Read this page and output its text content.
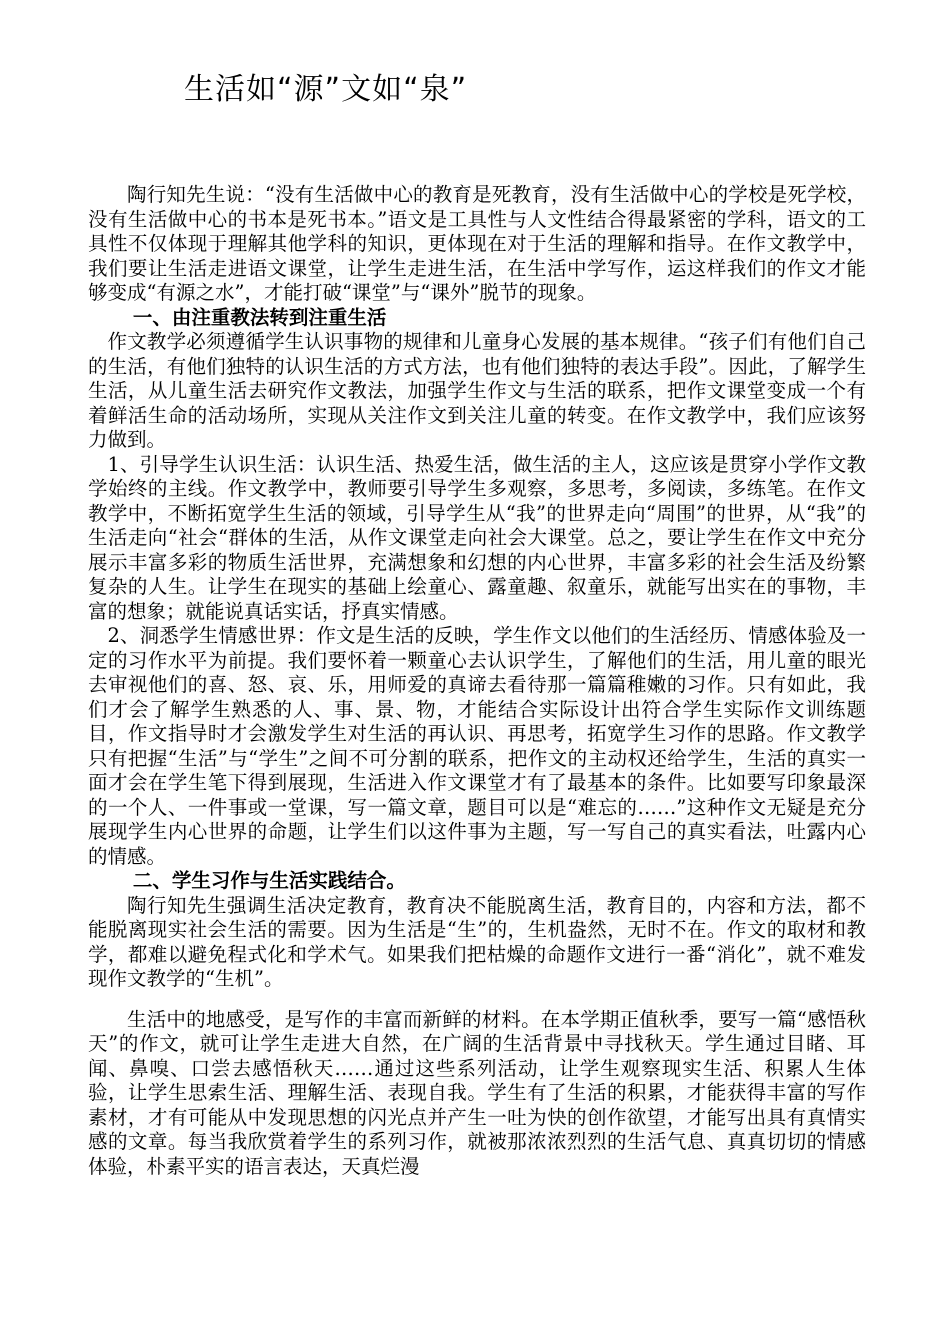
生活如“源”文如“泉”

陶行知先生说：“没有生活做中心的教育是死教育，没有生活做中心的学校是死学校，没有生活做中心的书本是死书本。”语文是工具性与人文性结合得最紧密的学科，语文的工具性不仅体现于理解其他学科的知识，更体现在对于生活的理解和指导。在作文教学中，我们要让生活走进语文课堂，让学生走进生活，在生活中学写作，运这样我们的作文才能够变成“有源之水”，才能打破“课堂”与“课外”脱节的现象。

一、由注重教法转到注重生活

作文教学必须遵循学生认识事物的规律和儿童身心发展的基本规律。“孩子们有他们自己的生活，有他们独特的认识生活的方式方法，也有他们独特的表达手段”。因此，了解学生生活，从儿童生活去研究作文教法，加强学生作文与生活的联系，把作文课堂变成一个有着鲜活生命的活动场所，实现从关注作文到关注儿童的转变。在作文教学中，我们应该努力做到。

1、引导学生认识生活：认识生活、热爱生活，做生活的主人，这应该是贯穿小学作文教学始终的主线。作文教学中，教师要引导学生多观察，多思考，多阅读，多练笔。在作文教学中，不断拓宽学生生活的领域，引导学生从“我”的世界走向“周围”的世界，从“我”的生活走向“社会“群体的生活，从作文课堂走向社会大课堂。总之，要让学生在作文中充分展示丰富多彩的物质生活世界，充满想象和幻想的内心世界，丰富多彩的社会生活及纷繁复杂的人生。让学生在现实的基础上绘童心、露童趣、叙童乐，就能写出实在的事物，丰富的想象；就能说真话实话，抒真实情感。

2、洞悉学生情感世界：作文是生活的反映，学生作文以他们的生活经历、情感体验及一定的习作水平为前提。我们要怀着一颗童心去认识学生，了解他们的生活，用儿童的眼光去审视他们的喜、怒、哀、乐，用师爱的真谛去看待那一篇篇稚嫩的习作。只有如此，我们才会了解学生熟悉的人、事、景、物，才能结合实际设计出符合学生实际作文训练题目，作文指导时才会激发学生对生活的再认识、再思考，拓宽学生习作的思路。作文教学只有把握“生活”与“学生”之间不可分割的联系，把作文的主动权还给学生，生活的真实一面才会在学生笔下得到展现，生活进入作文课堂才有了最基本的条件。比如要写印象最深的一个人、一件事或一堂课，写一篇文章，题目可以是“难忘的……”这种作文无疑是充分展现学生内心世界的命题，让学生们以这件事为主题，写一写自己的真实看法，吐露内心的情感。

二、学生习作与生活实践结合。

陶行知先生强调生活决定教育，教育决不能脱离生活，教育目的，内容和方法，都不能脱离现实社会生活的需要。因为生活是“生”的，生机盎然，无时不在。作文的取材和教学，都难以避免程式化和学术气。如果我们把枯燥的命题作文进行一番“消化”，就不难发现作文教学的“生机”。

生活中的地感受，是写作的丰富而新鲜的材料。在本学期正值秋季，要写一篇“感悟秋天”的作文，就可让学生走进大自然，在广阔的生活背景中寻找秋天。学生通过目睹、耳闻、鼻嗅、口尝去感悟秋天……通过这些系列活动，让学生观察现实生活、积累人生体验，让学生思索生活、理解生活、表现自我。学生有了生活的积累，才能获得丰富的写作素材，才有可能从中发现思想的闪光点并产生一吐为快的创作欲望，才能写出具有真情实感的文章。每当我欣赏着学生的系列习作，就被那浓浓烈烈的生活气息、真真切切的情感体验，朴素平实的语言表达，天真烂漫
